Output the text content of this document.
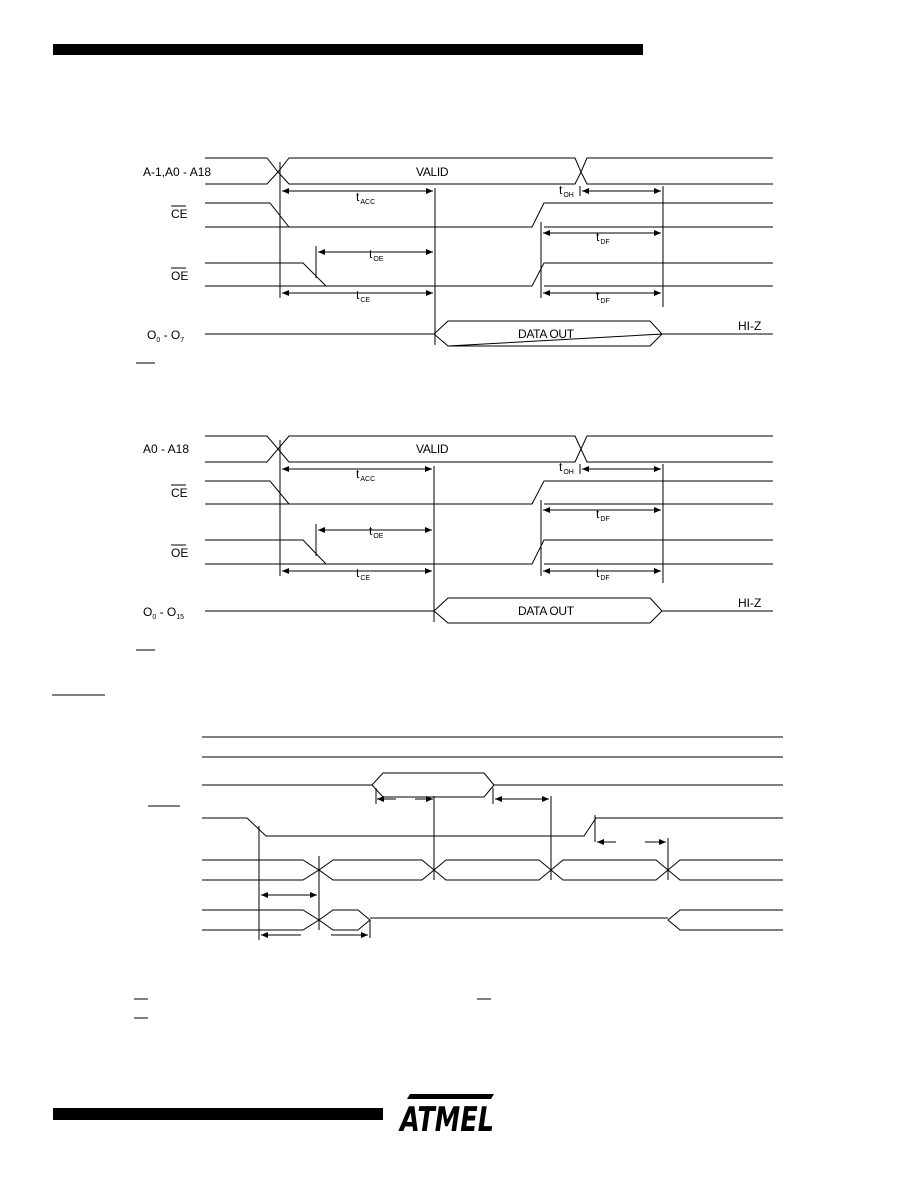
A-1,A0 - A18	VALID
$t_{ACC}$
$t_{OH}$
CE
$t_{DF}$
$t_{OE}$
OE
$t_{CE}$	$t_{DF}$
DATA OUT
HI-Z
$O_0 - O_7$
A0 - A18	VALID
$t_{ACC}$
$t_{OH}$
CE
$t_{DF}$
$t_{OE}$
OE
$t_{CE}$	$t_{DF}$
DATA OUT
HI-Z
$O_0 - O_{15}$
ATMEL
